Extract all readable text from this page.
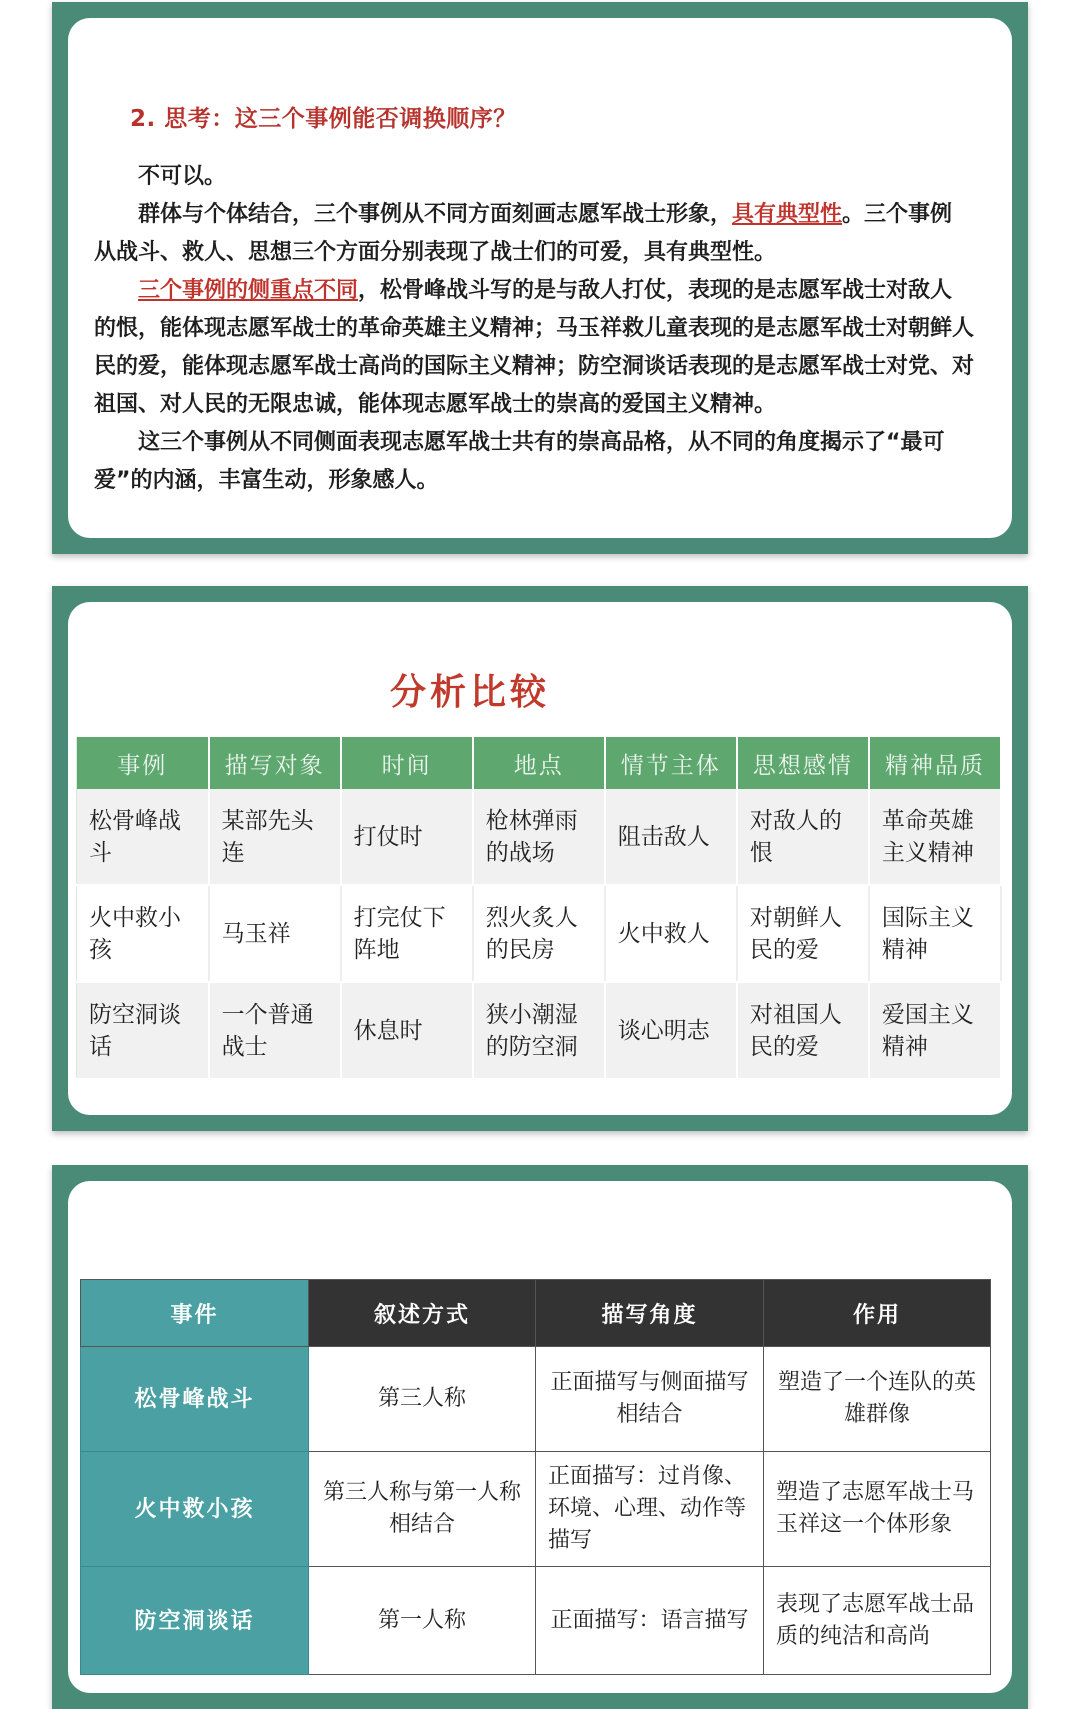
2. 思考：这三个事例能否调换顺序？

不可以。

群体与个体结合，三个事例从不同方面刻画志愿军战士形象，具有典型性。三个事例从战斗、救人、思想三个方面分别表现了战士们的可爱，具有典型性。

三个事例的侧重点不同，松骨峰战斗写的是与敌人打仗，表现的是志愿军战士对敌人的恨，能体现志愿军战士的革命英雄主义精神；马玉祥救儿童表现的是志愿军战士对朝鲜人民的爱，能体现志愿军战士高尚的国际主义精神；防空洞谈话表现的是志愿军战士对党、对祖国、对人民的无限忠诚，能体现志愿军战士的崇高的爱国主义精神。

这三个事例从不同侧面表现志愿军战士共有的崇高品格，从不同的角度揭示了“最可爱”的内涵，丰富生动，形象感人。

分析比较
事例	描写对象	时间	地点	情节主体	思想感情	精神品质
松骨峰战斗	某部先头连	打仗时	枪林弹雨的战场	阻击敌人	对敌人的恨	革命英雄主义精神
火中救小孩	马玉祥	打完仗下阵地	烈火炙人的民房	火中救人	对朝鲜人民的爱	国际主义精神
防空洞谈话	一个普通战士	休息时	狭小潮湿的防空洞	谈心明志	对祖国人民的爱	爱国主义精神
事件	叙述方式	描写角度	作用
松骨峰战斗	第三人称	正面描写与侧面描写相结合	塑造了一个连队的英雄群像
火中救小孩	第三人称与第一人称相结合	正面描写：过肖像、环境、心理、动作等描写	塑造了志愿军战士马玉祥这一个体形象
防空洞谈话	第一人称	正面描写：语言描写	表现了志愿军战士品质的纯洁和高尚
